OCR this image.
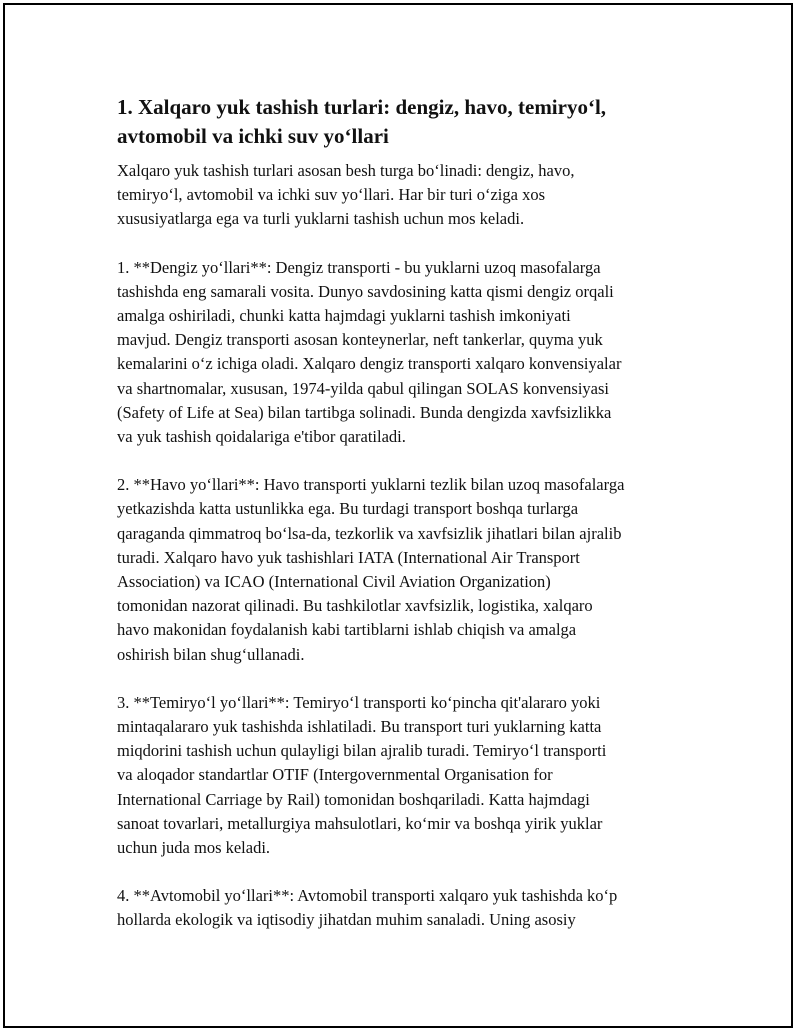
1. Xalqaro yuk tashish turlari: dengiz, havo, temiryo‘l,
avtomobil va ichki suv yo‘llari

Xalqaro yuk tashish turlari asosan besh turga bo‘linadi: dengiz, havo,
temiryo‘l, avtomobil va ichki suv yo‘llari. Har bir turi o‘ziga xos
xususiyatlarga ega va turli yuklarni tashish uchun mos keladi.

1. **Dengiz yo‘llari**: Dengiz transporti - bu yuklarni uzoq masofalarga
tashishda eng samarali vosita. Dunyo savdosining katta qismi dengiz orqali
amalga oshiriladi, chunki katta hajmdagi yuklarni tashish imkoniyati
mavjud. Dengiz transporti asosan konteynerlar, neft tankerlar, quyma yuk
kemalarini o‘z ichiga oladi. Xalqaro dengiz transporti xalqaro konvensiyalar
va shartnomalar, xususan, 1974-yilda qabul qilingan SOLAS konvensiyasi
(Safety of Life at Sea) bilan tartibga solinadi. Bunda dengizda xavfsizlikka
va yuk tashish qoidalariga e'tibor qaratiladi.

2. **Havo yo‘llari**: Havo transporti yuklarni tezlik bilan uzoq masofalarga
yetkazishda katta ustunlikka ega. Bu turdagi transport boshqa turlarga
qaraganda qimmatroq bo‘lsa-da, tezkorlik va xavfsizlik jihatlari bilan ajralib
turadi. Xalqaro havo yuk tashishlari IATA (International Air Transport
Association) va ICAO (International Civil Aviation Organization)
tomonidan nazorat qilinadi. Bu tashkilotlar xavfsizlik, logistika, xalqaro
havo makonidan foydalanish kabi tartiblarni ishlab chiqish va amalga
oshirish bilan shug‘ullanadi.

3. **Temiryo‘l yo‘llari**: Temiryo‘l transporti ko‘pincha qit'alararo yoki
mintaqalararo yuk tashishda ishlatiladi. Bu transport turi yuklarning katta
miqdorini tashish uchun qulayligi bilan ajralib turadi. Temiryo‘l transporti
va aloqador standartlar OTIF (Intergovernmental Organisation for
International Carriage by Rail) tomonidan boshqariladi. Katta hajmdagi
sanoat tovarlari, metallurgiya mahsulotlari, ko‘mir va boshqa yirik yuklar
uchun juda mos keladi.

4. **Avtomobil yo‘llari**: Avtomobil transporti xalqaro yuk tashishda ko‘p
hollarda ekologik va iqtisodiy jihatdan muhim sanaladi. Uning asosiy
